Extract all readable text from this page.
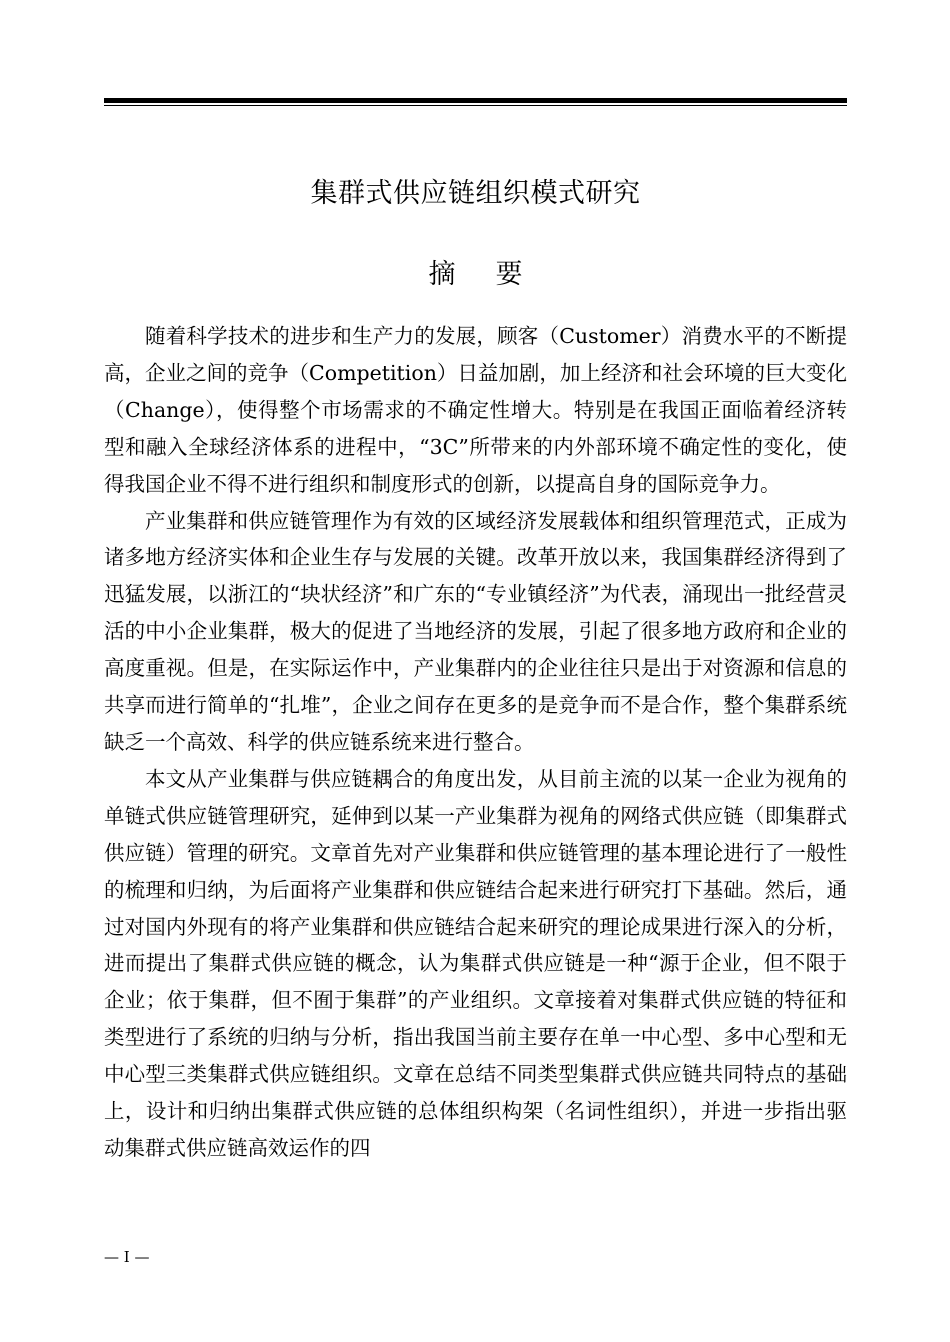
集群式供应链组织模式研究
摘 要

随着科学技术的进步和生产力的发展，顾客（Customer）消费水平的不断提高，企业之间的竞争（Competition）日益加剧，加上经济和社会环境的巨大变化（Change），使得整个市场需求的不确定性增大。特别是在我国正面临着经济转型和融入全球经济体系的进程中，“3C”所带来的内外部环境不确定性的变化，使得我国企业不得不进行组织和制度形式的创新，以提高自身的国际竞争力。

产业集群和供应链管理作为有效的区域经济发展载体和组织管理范式，正成为诸多地方经济实体和企业生存与发展的关键。改革开放以来，我国集群经济得到了迅猛发展，以浙江的“块状经济”和广东的“专业镇经济”为代表，涌现出一批经营灵活的中小企业集群，极大的促进了当地经济的发展，引起了很多地方政府和企业的高度重视。但是，在实际运作中，产业集群内的企业往往只是出于对资源和信息的共享而进行简单的“扎堆”，企业之间存在更多的是竞争而不是合作，整个集群系统缺乏一个高效、科学的供应链系统来进行整合。

本文从产业集群与供应链耦合的角度出发，从目前主流的以某一企业为视角的单链式供应链管理研究，延伸到以某一产业集群为视角的网络式供应链（即集群式供应链）管理的研究。文章首先对产业集群和供应链管理的基本理论进行了一般性的梳理和归纳，为后面将产业集群和供应链结合起来进行研究打下基础。然后，通过对国内外现有的将产业集群和供应链结合起来研究的理论成果进行深入的分析，进而提出了集群式供应链的概念，认为集群式供应链是一种“源于企业，但不限于企业；依于集群，但不囿于集群”的产业组织。文章接着对集群式供应链的特征和类型进行了系统的归纳与分析，指出我国当前主要存在单一中心型、多中心型和无中心型三类集群式供应链组织。文章在总结不同类型集群式供应链共同特点的基础上，设计和归纳出集群式供应链的总体组织构架（名词性组织），并进一步指出驱动集群式供应链高效运作的四

— I —
